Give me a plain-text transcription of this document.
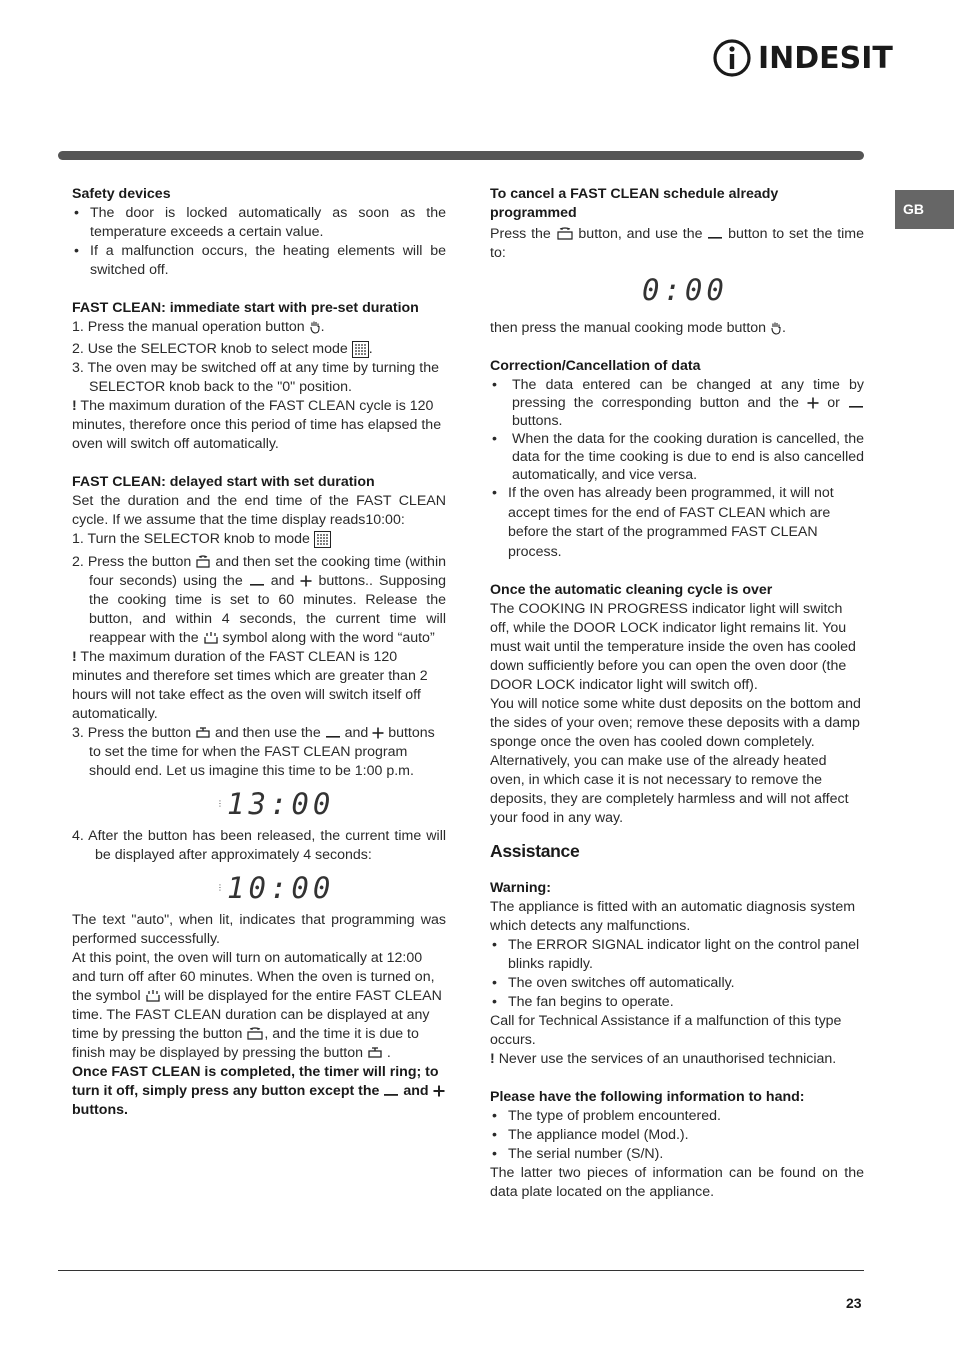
INDESIT
GB
Safety devices
• The door is locked automatically as soon as the temperature exceeds a certain value.
• If a malfunction occurs, the heating elements will be switched off.
FAST CLEAN: immediate start with pre-set duration

1. Press the manual operation button .

2. Use the SELECTOR knob to select mode .

3. The oven may be switched off at any time by turning the SELECTOR knob back to the "0" position.

! The maximum duration of the FAST CLEAN cycle is 120 minutes, therefore once this period of time has elapsed the oven will switch off automatically.

FAST CLEAN: delayed start with set duration

Set the duration and the end time of the FAST CLEAN cycle. If we assume that the time display reads10:00:

1. Turn the SELECTOR knob to mode

2. Press the button and then set the cooking time (within four seconds) using the and buttons.. Supposing the cooking time is set to 60 minutes. Release the button, and within 4 seconds, the current time will reappear with the symbol along with the word “auto”

! The maximum duration of the FAST CLEAN is 120 minutes and therefore set times which are greater than 2 hours will not take effect as the oven will switch itself off automatically.

3. Press the button and then use the and buttons to set the time for when the FAST CLEAN program should end. Let us imagine this time to be 1:00 p.m.

⋮ 13:00

4. After the button has been released, the current time will be displayed after approximately 4 seconds:

⋮ 10:00

The text "auto", when lit, indicates that programming was performed successfully.

At this point, the oven will turn on automatically at 12:00 and turn off after 60 minutes. When the oven is turned on, the symbol will be displayed for the entire FAST CLEAN time. The FAST CLEAN duration can be displayed at any time by pressing the button , and the time it is due to finish may be displayed by pressing the button  .

Once FAST CLEAN is completed, the timer will ring; to turn it off, simply press any button except the and  buttons.

To cancel a FAST CLEAN schedule already programmed

Press the button, and use the button to set the time to:

0:00

then press the manual cooking mode button .

Correction/Cancellation of data
• The data entered can be changed at any time by pressing the corresponding button and the or  buttons.
• When the data for the cooking duration is cancelled, the data for the time cooking is due to end is also cancelled automatically, and vice versa.
• If the oven has already been programmed, it will not accept times for the end of FAST CLEAN which are before the start of the programmed FAST CLEAN process.
Once the automatic cleaning cycle is over

The COOKING IN PROGRESS indicator light will switch off, while the DOOR LOCK indicator light remains lit. You must wait until the temperature inside the oven has cooled down sufficiently before you can open the oven door (the DOOR LOCK indicator light will switch off).

You will notice some white dust deposits on the bottom and the sides of your oven; remove these deposits with a damp sponge once the oven has cooled down completely.

Alternatively, you can make use of the already heated oven, in which case it is not necessary to remove the deposits, they are completely harmless and will not affect your food in any way.

Assistance
Warning:

The appliance is fitted with an automatic diagnosis system which detects any malfunctions.

• The ERROR SIGNAL indicator light on the control panel blinks rapidly.
• The oven switches off automatically.
• The fan begins to operate.

Call for Technical Assistance if a malfunction of this type occurs.

! Never use the services of an unauthorised technician.

Please have the following information to hand:
• The type of problem encountered.
• The appliance model (Mod.).
• The serial number (S/N).

The latter two pieces of information can be found on the data plate located on the appliance.

23
